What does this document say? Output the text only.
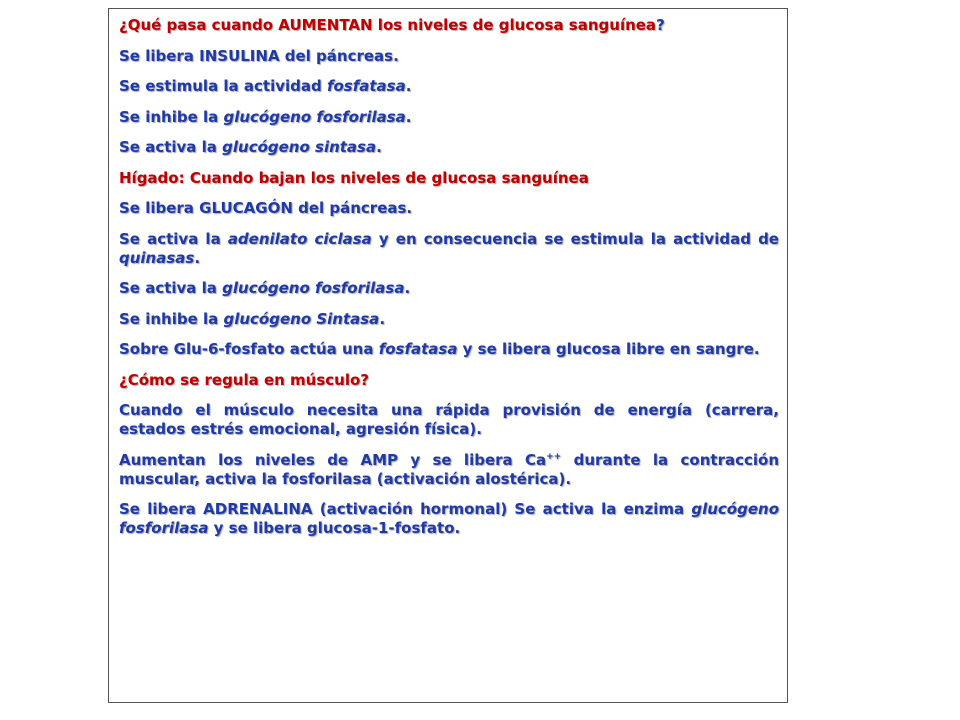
¿Qué pasa cuando AUMENTAN los niveles de glucosa sanguínea?

Se libera INSULINA del páncreas.

Se estimula la actividad fosfatasa.

Se inhibe la glucógeno fosforilasa.

Se activa la glucógeno sintasa.

Hígado: Cuando bajan los niveles de glucosa sanguínea

Se libera GLUCAGÓN del páncreas.

Se activa la adenilato ciclasa y en consecuencia se estimula la actividad de quinasas.

Se activa la glucógeno fosforilasa.

Se inhibe la glucógeno Sintasa.

Sobre Glu-6-fosfato actúa una fosfatasa y se libera glucosa libre en sangre.

¿Cómo se regula en músculo?

Cuando el músculo necesita una rápida provisión de energía (carrera, estados estrés emocional, agresión física).

Aumentan los niveles de AMP y se libera Ca++ durante la contracción muscular, activa la fosforilasa (activación alostérica).

Se libera ADRENALINA (activación hormonal) Se activa la enzima glucógeno fosforilasa y se libera glucosa-1-fosfato.
